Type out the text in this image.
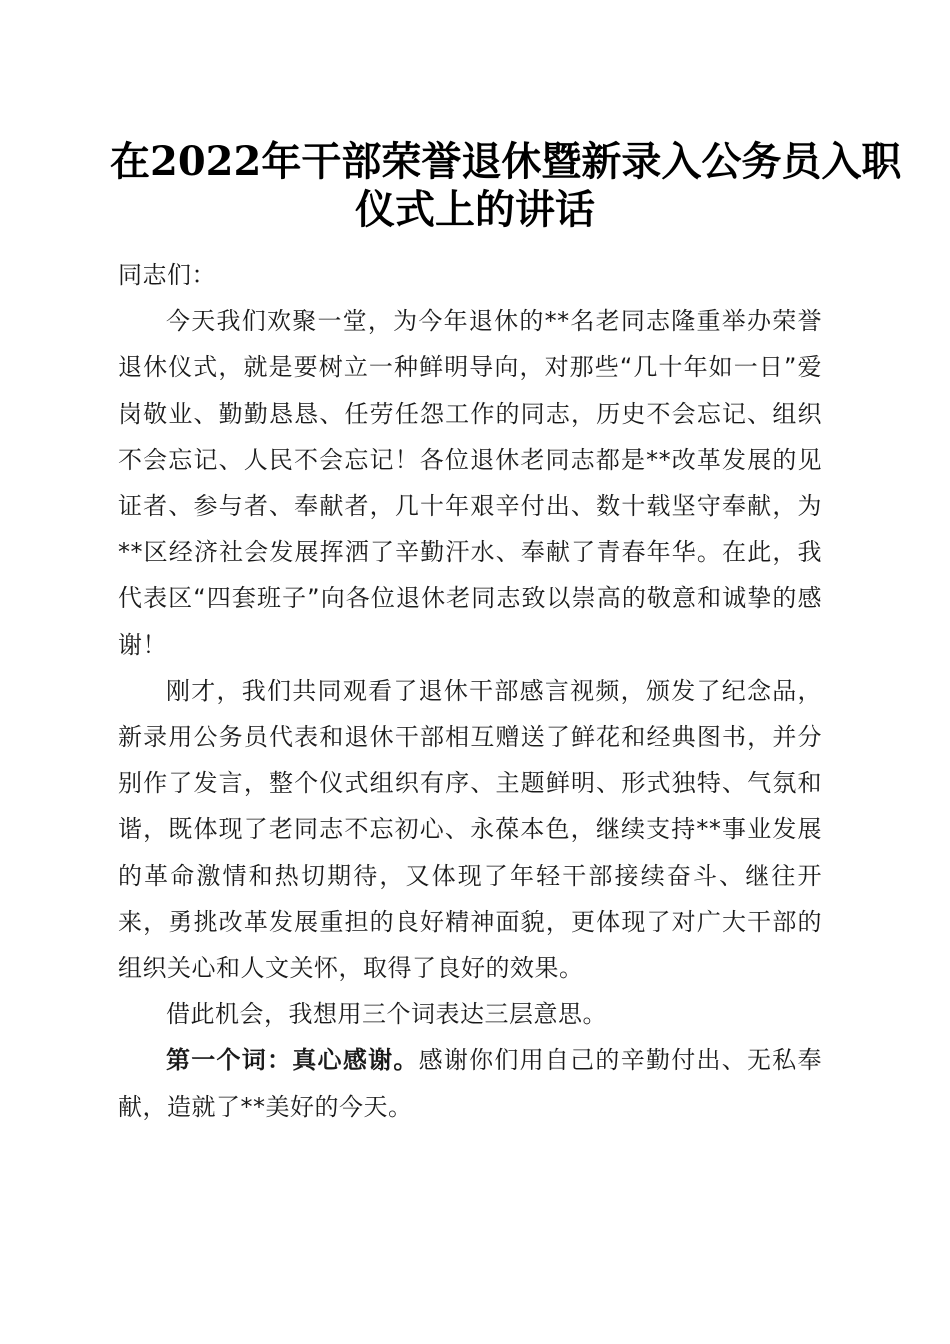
在2022年干部荣誉退休暨新录入公务员入职
仪式上的讲话

同志们：

今天我们欢聚一堂，为今年退休的**名老同志隆重举办荣誉退休仪式，就是要树立一种鲜明导向，对那些“几十年如一日”爱岗敬业、勤勤恳恳、任劳任怨工作的同志，历史不会忘记、组织不会忘记、人民不会忘记！各位退休老同志都是**改革发展的见证者、参与者、奉献者，几十年艰辛付出、数十载坚守奉献，为**区经济社会发展挥洒了辛勤汗水、奉献了青春年华。在此，我代表区“四套班子”向各位退休老同志致以崇高的敬意和诚挚的感谢！

刚才，我们共同观看了退休干部感言视频，颁发了纪念品，新录用公务员代表和退休干部相互赠送了鲜花和经典图书，并分别作了发言，整个仪式组织有序、主题鲜明、形式独特、气氛和谐，既体现了老同志不忘初心、永葆本色，继续支持**事业发展的革命激情和热切期待，又体现了年轻干部接续奋斗、继往开来，勇挑改革发展重担的良好精神面貌，更体现了对广大干部的组织关心和人文关怀，取得了良好的效果。

借此机会，我想用三个词表达三层意思。

第一个词：真心感谢。感谢你们用自己的辛勤付出、无私奉献，造就了**美好的今天。
